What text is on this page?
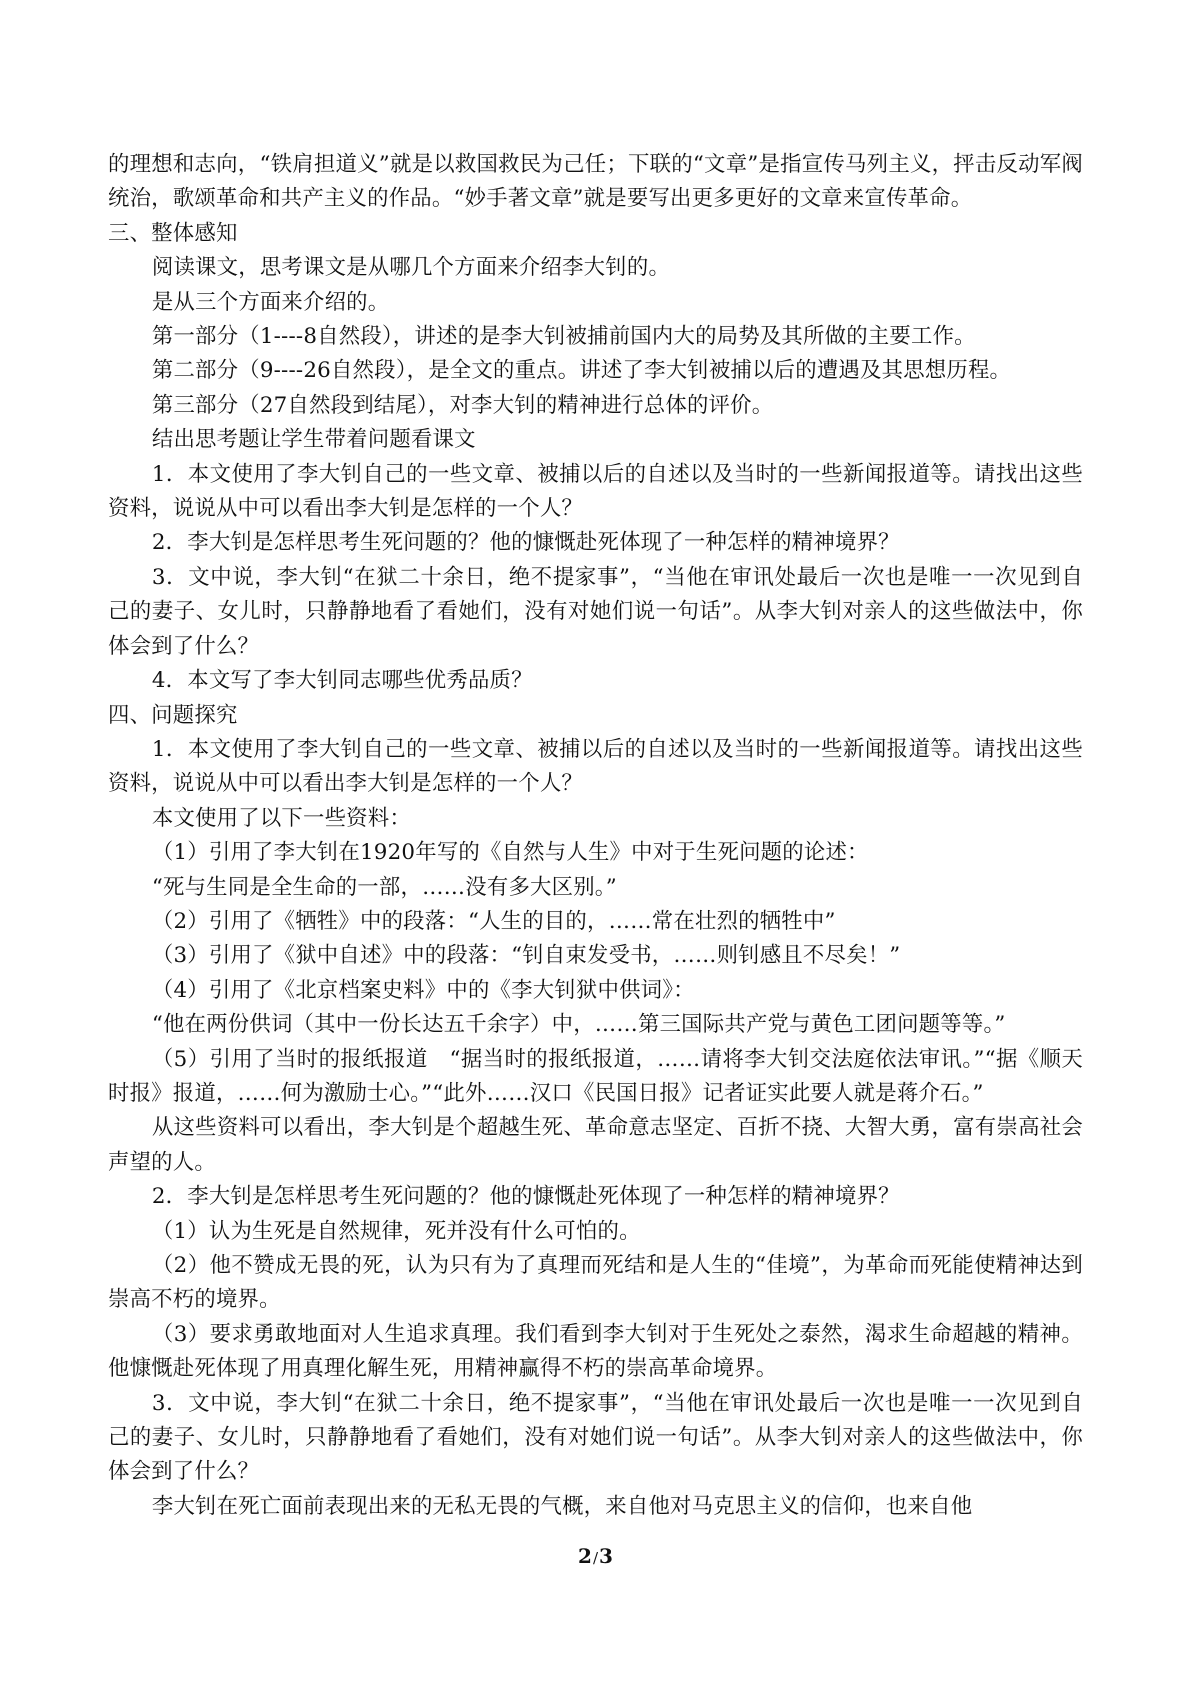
的理想和志向，“铁肩担道义”就是以救国救民为己任；下联的“文章”是指宣传马列主义，抨击反动军阀统治，歌颂革命和共产主义的作品。“妙手著文章”就是要写出更多更好的文章来宣传革命。

三、整体感知

阅读课文，思考课文是从哪几个方面来介绍李大钊的。

是从三个方面来介绍的。

第一部分（1----8自然段），讲述的是李大钊被捕前国内大的局势及其所做的主要工作。

第二部分（9----26自然段），是全文的重点。讲述了李大钊被捕以后的遭遇及其思想历程。

第三部分（27自然段到结尾），对李大钊的精神进行总体的评价。

结出思考题让学生带着问题看课文

1．本文使用了李大钊自己的一些文章、被捕以后的自述以及当时的一些新闻报道等。请找出这些资料，说说从中可以看出李大钊是怎样的一个人？

2．李大钊是怎样思考生死问题的？他的慷慨赴死体现了一种怎样的精神境界？

3．文中说，李大钊“在狱二十余日，绝不提家事”，“当他在审讯处最后一次也是唯一一次见到自己的妻子、女儿时，只静静地看了看她们，没有对她们说一句话”。从李大钊对亲人的这些做法中，你体会到了什么？

4．本文写了李大钊同志哪些优秀品质？

四、问题探究

1．本文使用了李大钊自己的一些文章、被捕以后的自述以及当时的一些新闻报道等。请找出这些资料，说说从中可以看出李大钊是怎样的一个人？

本文使用了以下一些资料：

（1）引用了李大钊在1920年写的《自然与人生》中对于生死问题的论述：

“死与生同是全生命的一部，……没有多大区别。”

（2）引用了《牺牲》中的段落：“人生的目的，……常在壮烈的牺牲中”

（3）引用了《狱中自述》中的段落：“钊自束发受书，……则钊感且不尽矣！”

（4）引用了《北京档案史料》中的《李大钊狱中供词》：

“他在两份供词（其中一份长达五千余字）中，……第三国际共产党与黄色工团问题等等。”

（5）引用了当时的报纸报道　“据当时的报纸报道，……请将李大钊交法庭依法审讯。”“据《顺天时报》报道，……何为激励士心。”“此外……汉口《民国日报》记者证实此要人就是蒋介石。”

从这些资料可以看出，李大钊是个超越生死、革命意志坚定、百折不挠、大智大勇，富有崇高社会声望的人。

2．李大钊是怎样思考生死问题的？他的慷慨赴死体现了一种怎样的精神境界？

（1）认为生死是自然规律，死并没有什么可怕的。

（2）他不赞成无畏的死，认为只有为了真理而死结和是人生的“佳境”，为革命而死能使精神达到崇高不朽的境界。

（3）要求勇敢地面对人生追求真理。我们看到李大钊对于生死处之泰然，渴求生命超越的精神。他慷慨赴死体现了用真理化解生死，用精神赢得不朽的崇高革命境界。

3．文中说，李大钊“在狱二十余日，绝不提家事”，“当他在审讯处最后一次也是唯一一次见到自己的妻子、女儿时，只静静地看了看她们，没有对她们说一句话”。从李大钊对亲人的这些做法中，你体会到了什么？

李大钊在死亡面前表现出来的无私无畏的气概，来自他对马克思主义的信仰，也来自他

2/3
